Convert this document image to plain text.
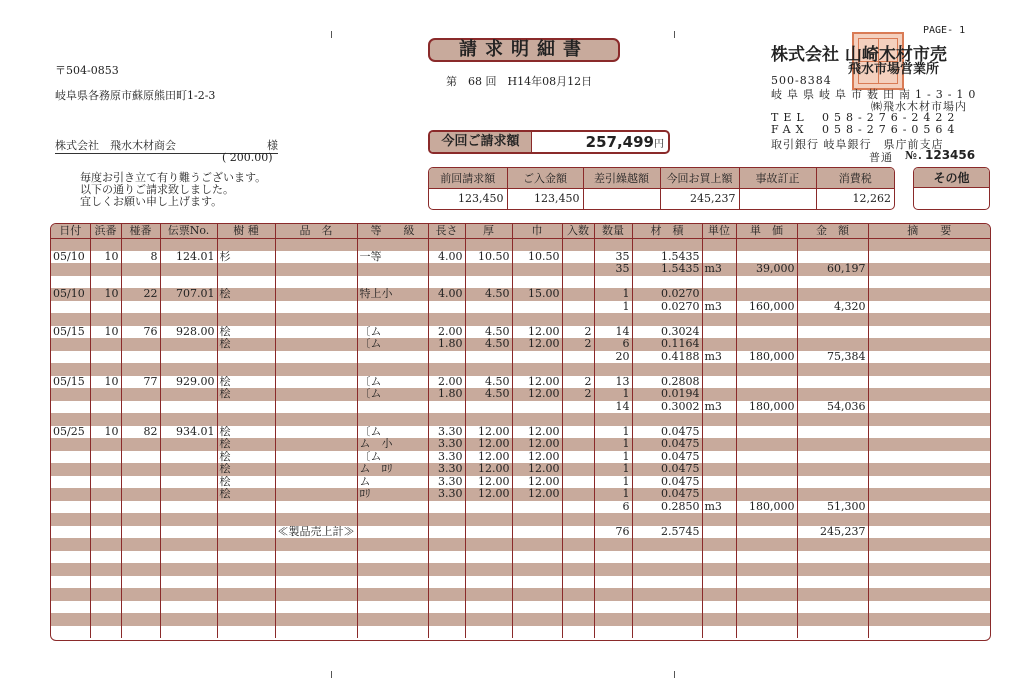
PAGE- 1
請求明細書
第　68 回　H14年08月12日
〒504-0853
岐阜県各務原市蘇原熊田町1-2-3
株式会社　飛水木材商会	様
( 200.00)
毎度お引き立て有り難うございます。
以下の通りご請求致しました。
宜しくお願い申し上げます。
株式会社 山崎木材市売
飛水市場営業所
500-8384
岐阜県岐阜市薮田南1-3-10
㈱飛水木材市場内
TEL 058-276-2422
FAX 058-276-0564
取引銀行 岐阜銀行　県庁前支店
普通 №. 123456
今回ご請求額	257,499円
前回請求額	ご入金額	差引繰越額	今回お買上額	事故訂正	消費税
123,450	123,450		245,237		12,262
その他
日付	浜番	椪番	伝票No.	樹 種	品　名	等　　級	長さ	厚	巾	入数	数量	材　積	単位	単　価	金　額	摘　　要

05/10	10	8	124.01	杉		一等	4.00	10.50	10.50		35	1.5435				
											35	1.5435	m3	39,000	60,197	

05/10	10	22	707.01	桧		特上小	4.00	4.50	15.00		1	0.0270				
											1	0.0270	m3	160,000	4,320	

05/15	10	76	928.00	桧		〔ム	2.00	4.50	12.00	2	14	0.3024				
				桧		〔ム	1.80	4.50	12.00	2	6	0.1164				
											20	0.4188	m3	180,000	75,384	

05/15	10	77	929.00	桧		〔ム	2.00	4.50	12.00	2	13	0.2808				
				桧		〔ム	1.80	4.50	12.00	2	1	0.0194				
											14	0.3002	m3	180,000	54,036	

05/25	10	82	934.01	桧		〔ム	3.30	12.00	12.00		1	0.0475				
				桧		ム　小	3.30	12.00	12.00		1	0.0475				
				桧		〔ム	3.30	12.00	12.00		1	0.0475				
				桧		ム　ﾛﾘ	3.30	12.00	12.00		1	0.0475				
				桧		ム	3.30	12.00	12.00		1	0.0475				
				桧		ﾛﾘ	3.30	12.00	12.00		1	0.0475				
											6	0.2850	m3	180,000	51,300	

					≪製品売上計≫						76	2.5745			245,237	
